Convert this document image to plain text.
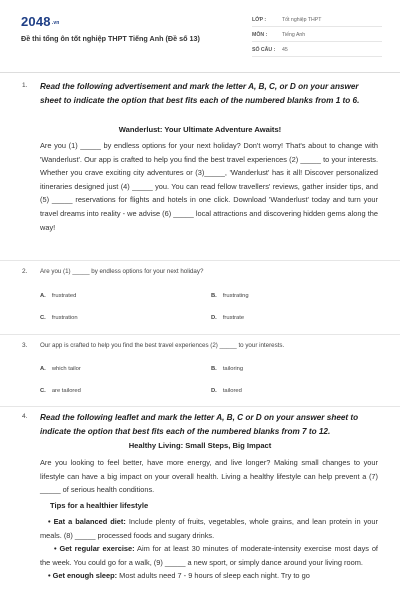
2048.vn
Đề thi tổng ôn tốt nghiệp THPT Tiếng Anh (Đề số 13)
LỚP :	Tốt nghiệp THPT
MÔN :	Tiếng Anh
SỐ CÂU : 45
1. Read the following advertisement and mark the letter A, B, C, or D on your answer sheet to indicate the option that best fits each of the numbered blanks from 1 to 6.
Wanderlust: Your Ultimate Adventure Awaits!
Are you (1) _____ by endless options for your next holiday? Don't worry! That's about to change with 'Wanderlust'. Our app is crafted to help you find the best travel experiences (2) _____ to your interests. Whether you crave exciting city adventures or (3)_____, 'Wanderlust' has it all! Discover personalized itineraries designed just (4) _____ you. You can read fellow travellers' reviews, gather insider tips, and (5) _____ reservations for flights and hotels in one click. Download 'Wanderlust' today and turn your travel dreams into reality - we advise (6) _____ local attractions and discovering hidden gems along the way!
2. Are you (1) _____ by endless options for your next holiday?
A. frustrated	B. frustrating
C. frustration	D. frustrate
3. Our app is crafted to help you find the best travel experiences (2) _____ to your interests.
A. which tailor	B. tailoring
C. are tailored	D. tailored
4. Read the following leaflet and mark the letter A, B, C or D on your answer sheet to indicate the option that best fits each of the numbered blanks from 7 to 12.
Healthy Living: Small Steps, Big Impact
Are you looking to feel better, have more energy, and live longer? Making small changes to your lifestyle can have a big impact on your overall health. Living a healthy lifestyle can help prevent a (7) _____ of serious health conditions.
Tips for a healthier lifestyle
• Eat a balanced diet: Include plenty of fruits, vegetables, whole grains, and lean protein in your meals. (8) _____ processed foods and sugary drinks.
• Get regular exercise: Aim for at least 30 minutes of moderate-intensity exercise most days of the week. You could go for a walk, (9) _____ a new sport, or simply dance around your living room.
• Get enough sleep: Most adults need 7 - 9 hours of sleep each night. Try to go
